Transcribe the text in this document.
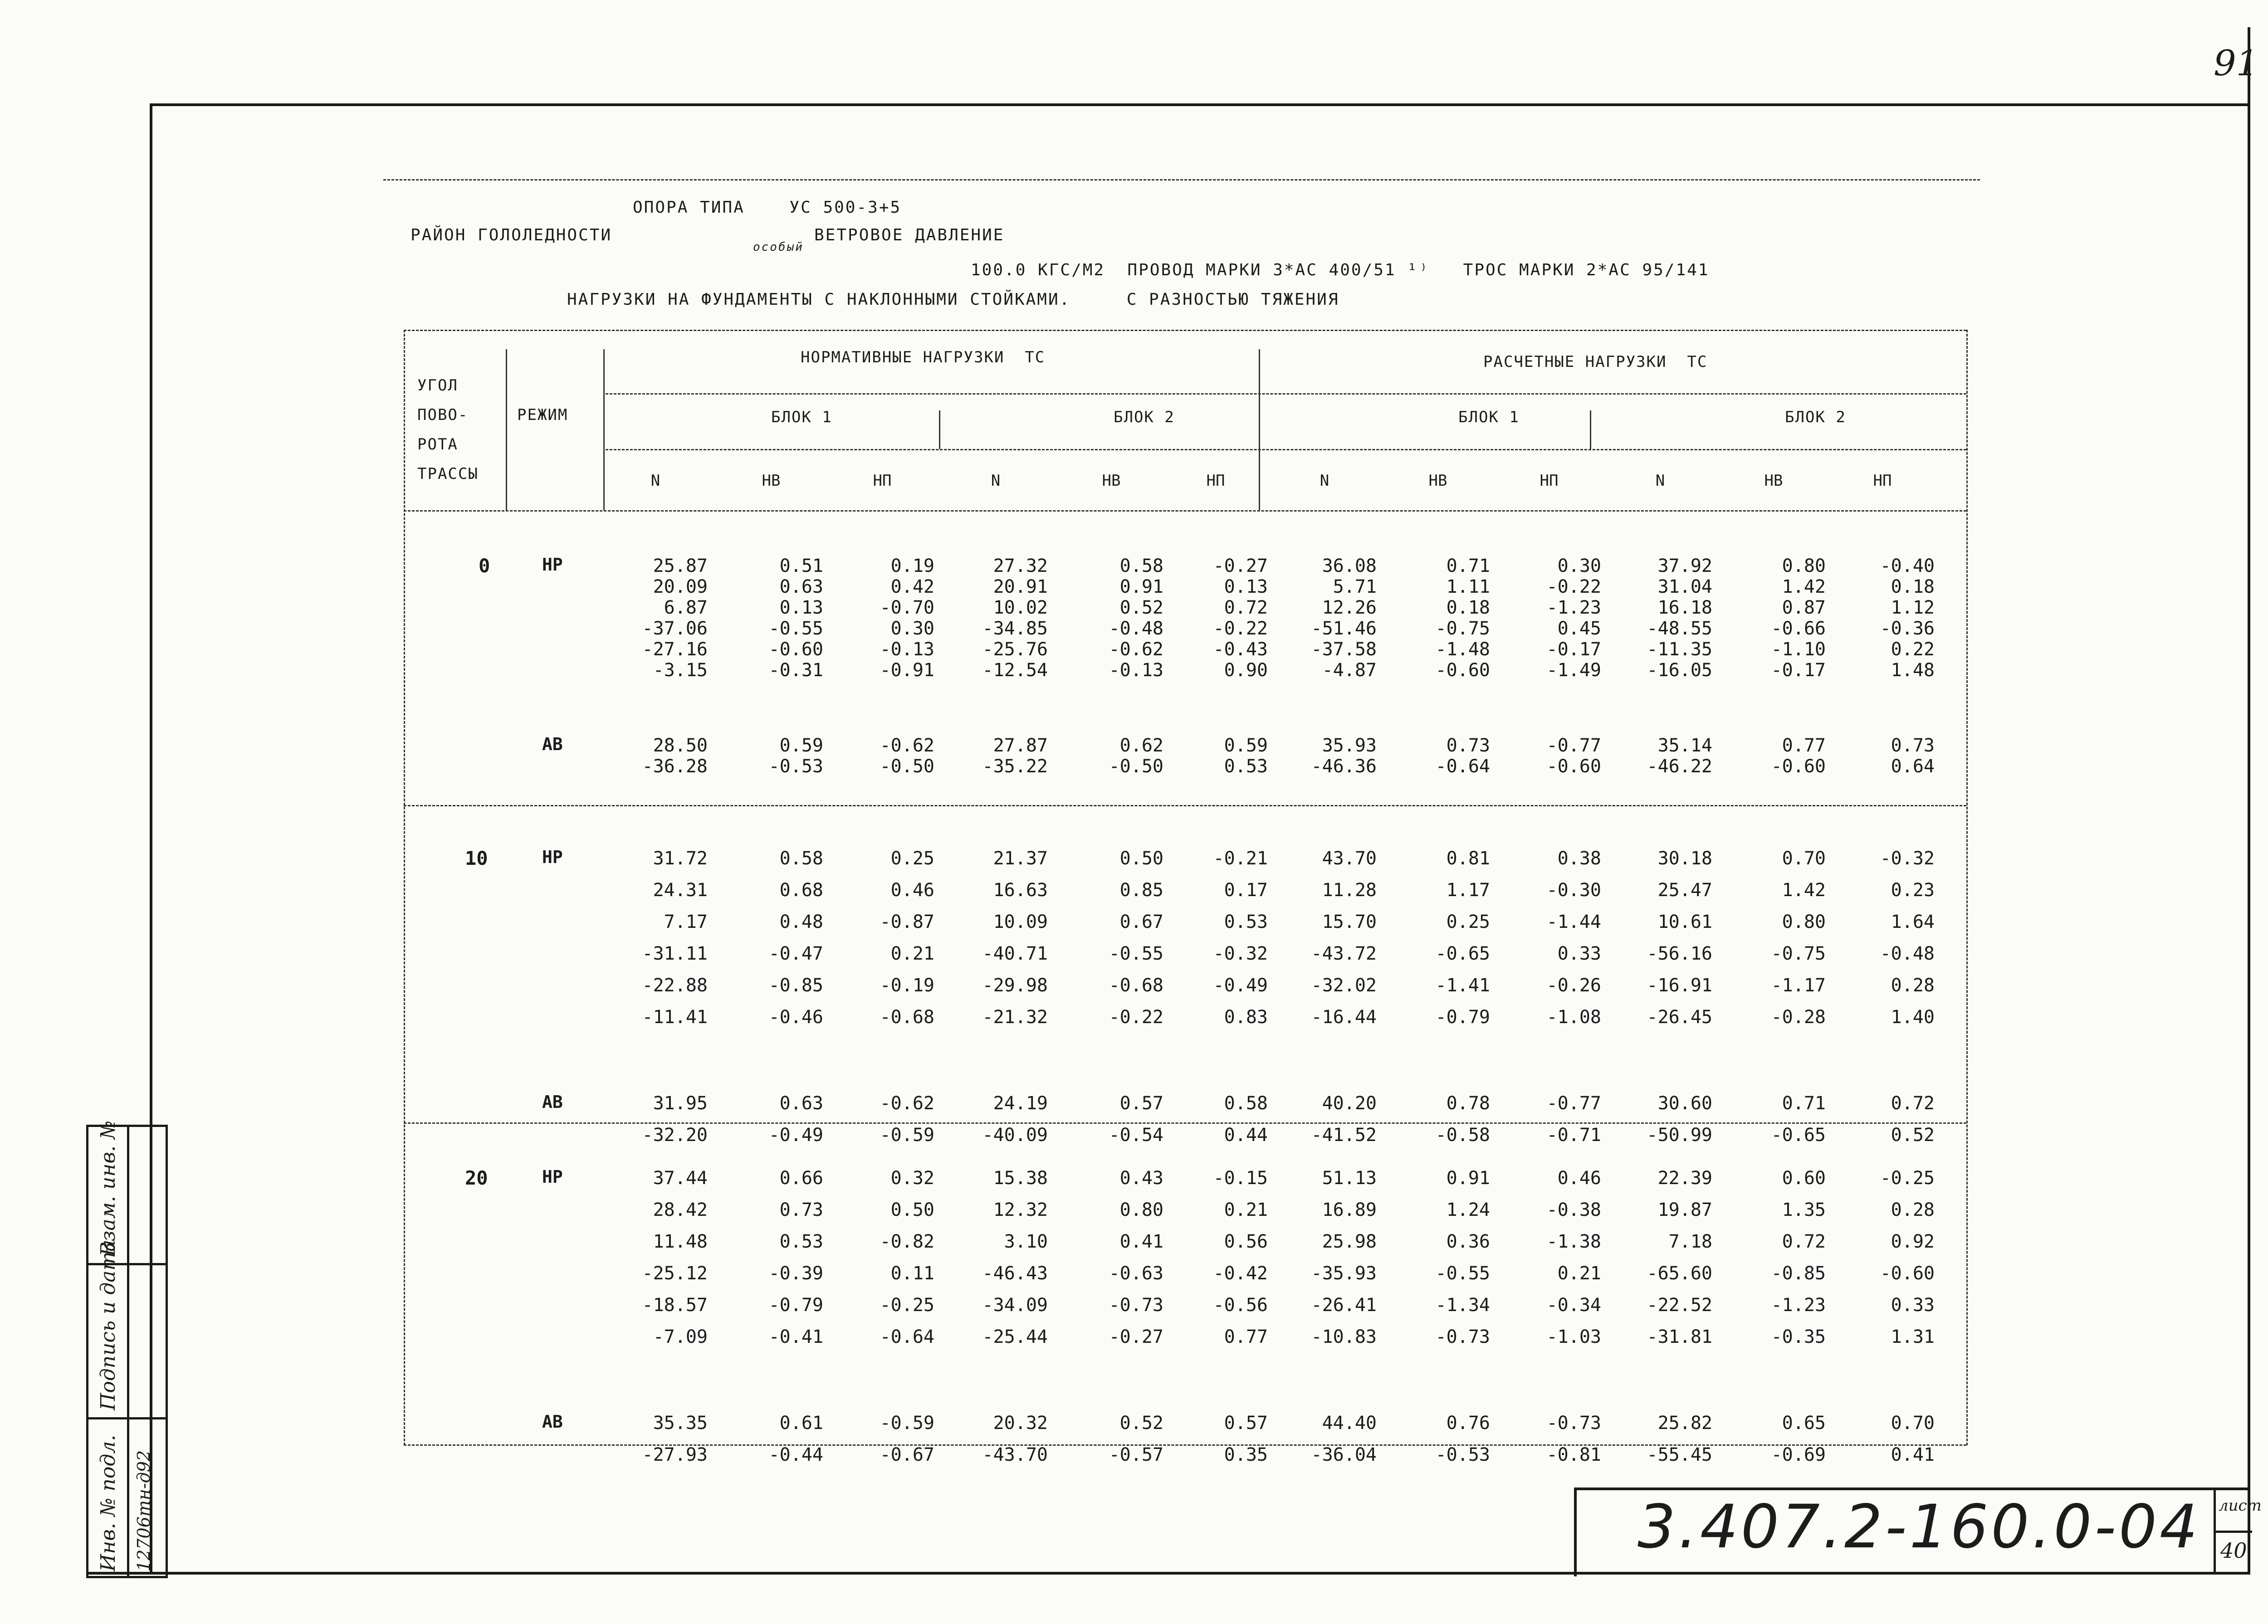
91
ОПОРА ТИПА    УС 500-3+5
РАЙОН ГОЛОЛЕДНОСТИ
особый
ВЕТРОВОЕ ДАВЛЕНИЕ
100.0 КГС/М2  ПРОВОД МАРКИ 3*АС 400/51 ¹⁾   ТРОС МАРКИ 2*АС 95/141
НАГРУЗКИ НА ФУНДАМЕНТЫ С НАКЛОННЫМИ СТОЙКАМИ.     С РАЗНОСТЬЮ ТЯЖЕНИЯ
УГОЛ
ПОВО-
РОТА
ТРАССЫ
РЕЖИМ
НОРМАТИВНЫЕ НАГРУЗКИ  ТС	РАСЧЕТНЫЕ НАГРУЗКИ  ТС
БЛОК 1	БЛОК 2	БЛОК 1	БЛОК 2
N	НВ	НП	N	НВ	НП	N	НВ	НП	N	НВ	НП
0	НР	25.87	0.51	0.19	27.32	0.58	-0.27	36.08	0.71	0.30	37.92	0.80	-0.40
20.09	0.63	0.42	20.91	0.91	0.13	5.71	1.11	-0.22	31.04	1.42	0.18
6.87	0.13	-0.70	10.02	0.52	0.72	12.26	0.18	-1.23	16.18	0.87	1.12
-37.06	-0.55	0.30	-34.85	-0.48	-0.22	-51.46	-0.75	0.45	-48.55	-0.66	-0.36
-27.16	-0.60	-0.13	-25.76	-0.62	-0.43	-37.58	-1.48	-0.17	-11.35	-1.10	0.22
-3.15	-0.31	-0.91	-12.54	-0.13	0.90	-4.87	-0.60	-1.49	-16.05	-0.17	1.48
АВ	28.50	0.59	-0.62	27.87	0.62	0.59	35.93	0.73	-0.77	35.14	0.77	0.73
-36.28	-0.53	-0.50	-35.22	-0.50	0.53	-46.36	-0.64	-0.60	-46.22	-0.60	0.64
10	НР	31.72	0.58	0.25	21.37	0.50	-0.21	43.70	0.81	0.38	30.18	0.70	-0.32
24.31	0.68	0.46	16.63	0.85	0.17	11.28	1.17	-0.30	25.47	1.42	0.23
7.17	0.48	-0.87	10.09	0.67	0.53	15.70	0.25	-1.44	10.61	0.80	1.64
-31.11	-0.47	0.21	-40.71	-0.55	-0.32	-43.72	-0.65	0.33	-56.16	-0.75	-0.48
-22.88	-0.85	-0.19	-29.98	-0.68	-0.49	-32.02	-1.41	-0.26	-16.91	-1.17	0.28
-11.41	-0.46	-0.68	-21.32	-0.22	0.83	-16.44	-0.79	-1.08	-26.45	-0.28	1.40
АВ	31.95	0.63	-0.62	24.19	0.57	0.58	40.20	0.78	-0.77	30.60	0.71	0.72
-32.20	-0.49	-0.59	-40.09	-0.54	0.44	-41.52	-0.58	-0.71	-50.99	-0.65	0.52
20	НР	37.44	0.66	0.32	15.38	0.43	-0.15	51.13	0.91	0.46	22.39	0.60	-0.25
28.42	0.73	0.50	12.32	0.80	0.21	16.89	1.24	-0.38	19.87	1.35	0.28
11.48	0.53	-0.82	3.10	0.41	0.56	25.98	0.36	-1.38	7.18	0.72	0.92
-25.12	-0.39	0.11	-46.43	-0.63	-0.42	-35.93	-0.55	0.21	-65.60	-0.85	-0.60
-18.57	-0.79	-0.25	-34.09	-0.73	-0.56	-26.41	-1.34	-0.34	-22.52	-1.23	0.33
-7.09	-0.41	-0.64	-25.44	-0.27	0.77	-10.83	-0.73	-1.03	-31.81	-0.35	1.31
АВ	35.35	0.61	-0.59	20.32	0.52	0.57	44.40	0.76	-0.73	25.82	0.65	0.70
-27.93	-0.44	-0.67	-43.70	-0.57	0.35	-36.04	-0.53	-0.81	-55.45	-0.69	0.41
Взам. инв. №
Подпись и дата
Инв. № подл. 12706тн-д92	3.407.2-160.0-04 лист
40
